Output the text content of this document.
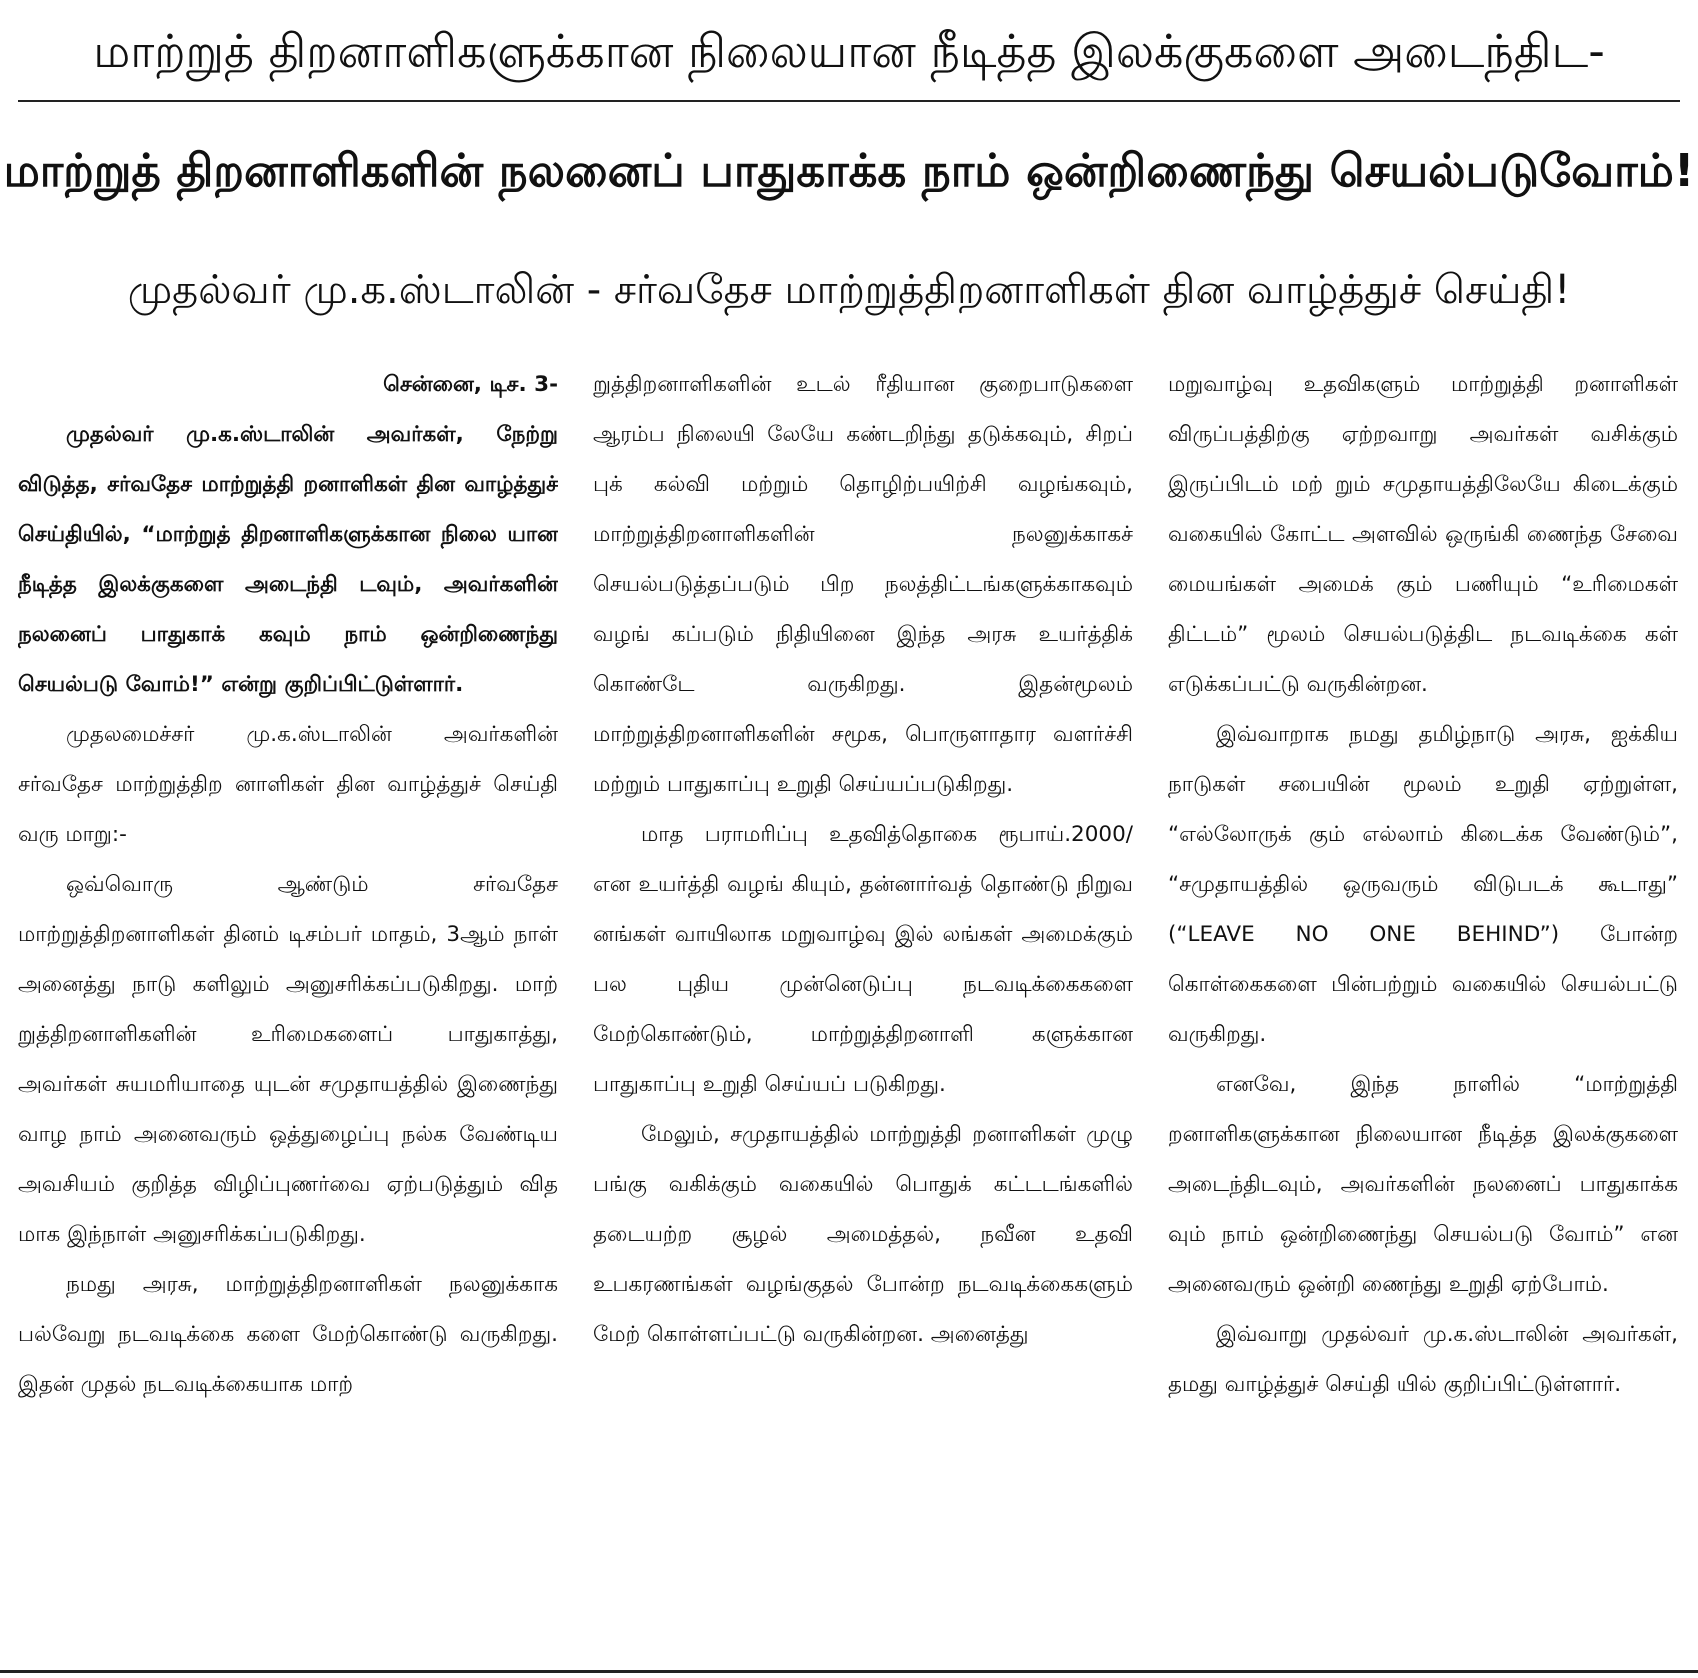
மாற்றுத் திறனாளிகளுக்கான நிலையான நீடித்த இலக்குகளை அடைந்திட-
மாற்றுத் திறனாளிகளின் நலனைப் பாதுகாக்க நாம் ஒன்றிணைந்து செயல்படுவோம்!
முதல்வர் மு.க.ஸ்டாலின் - சர்வதேச மாற்றுத்திறனாளிகள் தின வாழ்த்துச் செய்தி!

சென்னை, டிச. 3-

முதல்வர் மு.க.ஸ்டாலின் அவர்கள், நேற்று விடுத்த, சர்வதேச மாற்றுத்தி றனாளிகள் தின வாழ்த்துச் செய்தியில், “மாற்றுத் திறனாளிகளுக்கான நிலை யான நீடித்த இலக்குகளை அடைந்தி டவும், அவர்களின் நலனைப் பாதுகாக் கவும் நாம் ஒன்றிணைந்து செயல்படு வோம்!” என்று குறிப்பிட்டுள்ளார்.

முதலமைச்சர் மு.க.ஸ்டாலின் அவர்களின் சர்வதேச மாற்றுத்திற னாளிகள் தின வாழ்த்துச் செய்தி வரு மாறு:-

ஒவ்வொரு ஆண்டும் சர்வதேச மாற்றுத்திறனாளிகள் தினம் டிசம்பர் மாதம், 3ஆம் நாள் அனைத்து நாடு களிலும் அனுசரிக்கப்படுகிறது. மாற் றுத்திறனாளிகளின் உரிமைகளைப் பாதுகாத்து, அவர்கள் சுயமரியாதை யுடன் சமுதாயத்தில் இணைந்து வாழ நாம் அனைவரும் ஒத்துழைப்பு நல்க வேண்டிய அவசியம் குறித்த விழிப்புணர்வை ஏற்படுத்தும் வித மாக இந்நாள் அனுசரிக்கப்படுகிறது.

நமது அரசு, மாற்றுத்திறனாளிகள் நலனுக்காக பல்வேறு நடவடிக்கை களை மேற்கொண்டு வருகிறது. இதன் முதல் நடவடிக்கையாக மாற்

றுத்திறனாளிகளின் உடல் ரீதியான குறைபாடுகளை ஆரம்ப நிலையி லேயே கண்டறிந்து தடுக்கவும், சிறப் புக் கல்வி மற்றும் தொழிற்பயிற்சி வழங்கவும், மாற்றுத்திறனாளிகளின் நலனுக்காகச் செயல்படுத்தப்படும் பிற நலத்திட்டங்களுக்காகவும் வழங் கப்படும் நிதியினை இந்த அரசு உயர்த்திக் கொண்டே வருகிறது. இதன்மூலம் மாற்றுத்திறனாளிகளின் சமூக, பொருளாதார வளர்ச்சி மற்றும் பாதுகாப்பு உறுதி செய்யப்படுகிறது.

மாத பராமரிப்பு உதவித்தொகை ரூபாய்.2000/ என உயர்த்தி வழங் கியும், தன்னார்வத் தொண்டு நிறுவ னங்கள் வாயிலாக மறுவாழ்வு இல் லங்கள் அமைக்கும் பல புதிய முன்னெடுப்பு நடவடிக்கைகளை மேற்கொண்டும், மாற்றுத்திறனாளி களுக்கான பாதுகாப்பு உறுதி செய்யப் படுகிறது.

மேலும், சமுதாயத்தில் மாற்றுத்தி றனாளிகள் முழு பங்கு வகிக்கும் வகையில் பொதுக் கட்டடங்களில் தடையற்ற சூழல் அமைத்தல், நவீன உதவி உபகரணங்கள் வழங்குதல் போன்ற நடவடிக்கைகளும் மேற் கொள்ளப்பட்டு வருகின்றன. அனைத்து

மறுவாழ்வு உதவிகளும் மாற்றுத்தி றனாளிகள் விருப்பத்திற்கு ஏற்றவாறு அவர்கள் வசிக்கும் இருப்பிடம் மற் றும் சமுதாயத்திலேயே கிடைக்கும் வகையில் கோட்ட அளவில் ஒருங்கி ணைந்த சேவை மையங்கள் அமைக் கும் பணியும் “உரிமைகள் திட்டம்” மூலம் செயல்படுத்திட நடவடிக்கை கள் எடுக்கப்பட்டு வருகின்றன.

இவ்வாறாக நமது தமிழ்நாடு அரசு, ஐக்கிய நாடுகள் சபையின் மூலம் உறுதி ஏற்றுள்ள, “எல்லோருக் கும் எல்லாம் கிடைக்க வேண்டும்”, “சமுதாயத்தில் ஒருவரும் விடுபடக் கூடாது” (“LEAVE NO ONE BEHIND”) போன்ற கொள்கைகளை பின்பற்றும் வகையில் செயல்பட்டு வருகிறது.

எனவே, இந்த நாளில் “மாற்றுத்தி றனாளிகளுக்கான நிலையான நீடித்த இலக்குகளை அடைந்திடவும், அவர்களின் நலனைப் பாதுகாக்க வும் நாம் ஒன்றிணைந்து செயல்படு வோம்” என அனைவரும் ஒன்றி ணைந்து உறுதி ஏற்போம்.

இவ்வாறு முதல்வர் மு.க.ஸ்டாலின் அவர்கள், தமது வாழ்த்துச் செய்தி யில் குறிப்பிட்டுள்ளார்.
